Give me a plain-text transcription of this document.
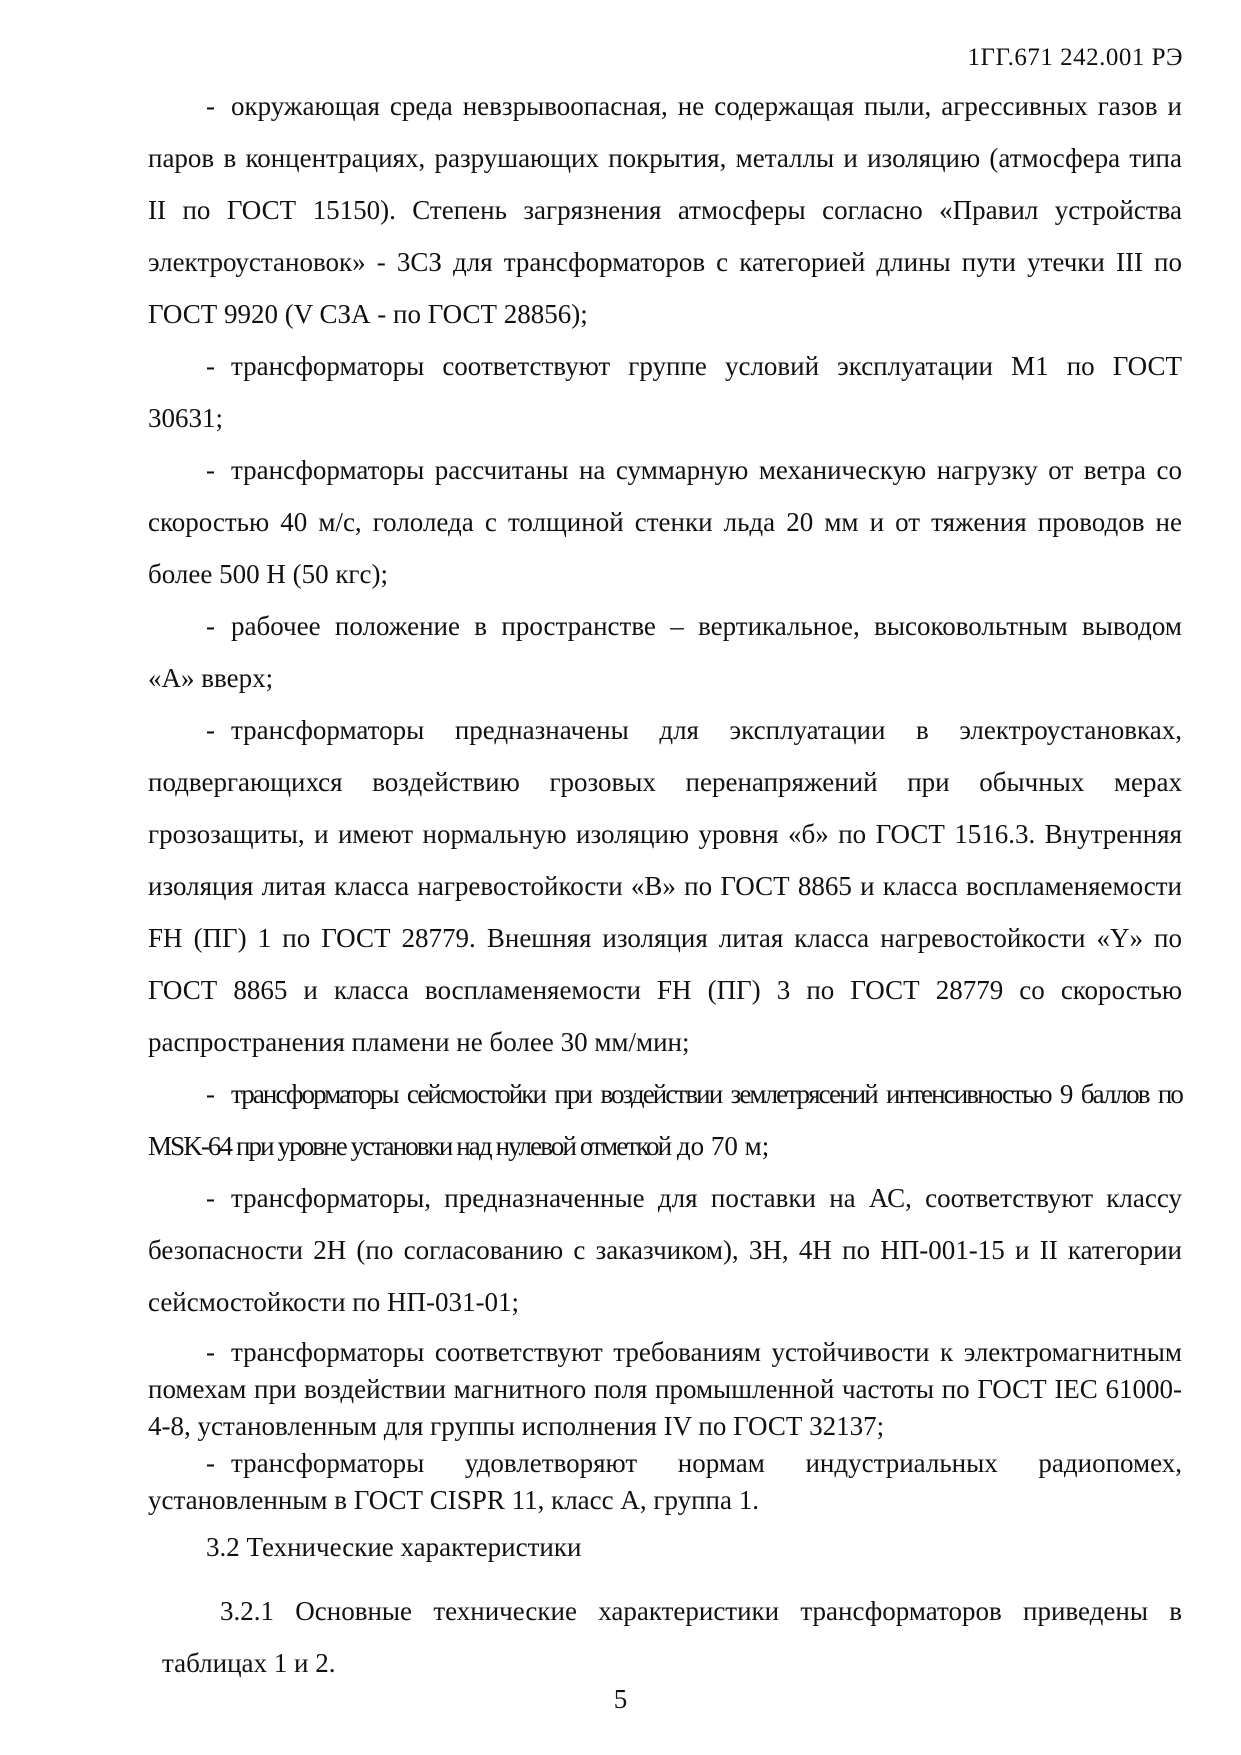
1ГГ.671 242.001 РЭ

- окружающая среда невзрывоопасная, не содержащая пыли, агрессивных газов и паров в концентрациях, разрушающих покрытия, металлы и изоляцию (атмосфера типа II по ГОСТ 15150). Степень загрязнения атмосферы согласно «Правил устройства электроустановок» - 3СЗ для трансформаторов с категорией длины пути утечки III по ГОСТ 9920 (V СЗА - по ГОСТ 28856);

- трансформаторы соответствуют группе условий эксплуатации М1 по ГОСТ 30631;

- трансформаторы рассчитаны на суммарную механическую нагрузку от ветра со скоростью 40 м/с, гололеда с толщиной стенки льда 20 мм и от тяжения проводов не более 500 Н (50 кгс);

- рабочее положение в пространстве – вертикальное, высоковольтным выводом «А» вверх;

- трансформаторы предназначены для эксплуатации в электроустановках, подвергающихся воздействию грозовых перенапряжений при обычных мерах грозозащиты, и имеют нормальную изоляцию уровня «б» по ГОСТ 1516.3. Внутренняя изоляция литая класса нагревостойкости «В» по ГОСТ 8865 и класса воспламеняемости FH (ПГ) 1 по ГОСТ 28779. Внешняя изоляция литая класса нагревостойкости «Y» по ГОСТ 8865 и класса воспламеняемости FH (ПГ) 3 по ГОСТ 28779 со скоростью распространения пламени не более 30 мм/мин;

- трансформаторы сейсмостойки при воздействии землетрясений интенсивностью 9 баллов по MSK-64 при уровне установки над нулевой отметкой до 70 м;

- трансформаторы, предназначенные для поставки на АС, соответствуют классу безопасности 2Н (по согласованию с заказчиком), 3Н, 4Н по НП-001-15 и II категории сейсмостойкости по НП-031-01;

- трансформаторы соответствуют требованиям устойчивости к электромагнитным помехам при воздействии магнитного поля промышленной частоты по ГОСТ IEC 61000-4-8, установленным для группы исполнения IV по ГОСТ 32137;

- трансформаторы удовлетворяют нормам индустриальных радиопомех, установленным в ГОСТ CISPR 11, класс А, группа 1.

3.2 Технические характеристики

3.2.1 Основные технические характеристики трансформаторов приведены в таблицах 1 и 2.

5
